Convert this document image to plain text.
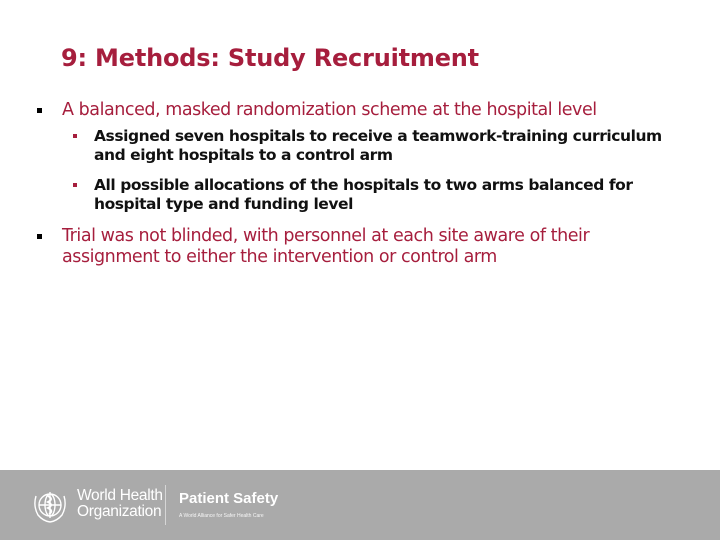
9: Methods: Study Recruitment
A balanced, masked randomization scheme at the hospital level
Assigned seven hospitals to receive a teamwork-training curriculum
and eight hospitals to a control arm
All possible allocations of the hospitals to two arms balanced for
hospital type and funding level
Trial was not blinded, with personnel at each site aware of their
assignment to either the intervention or control arm
World Health
Organization
Patient Safety
A World Alliance for Safer Health Care
